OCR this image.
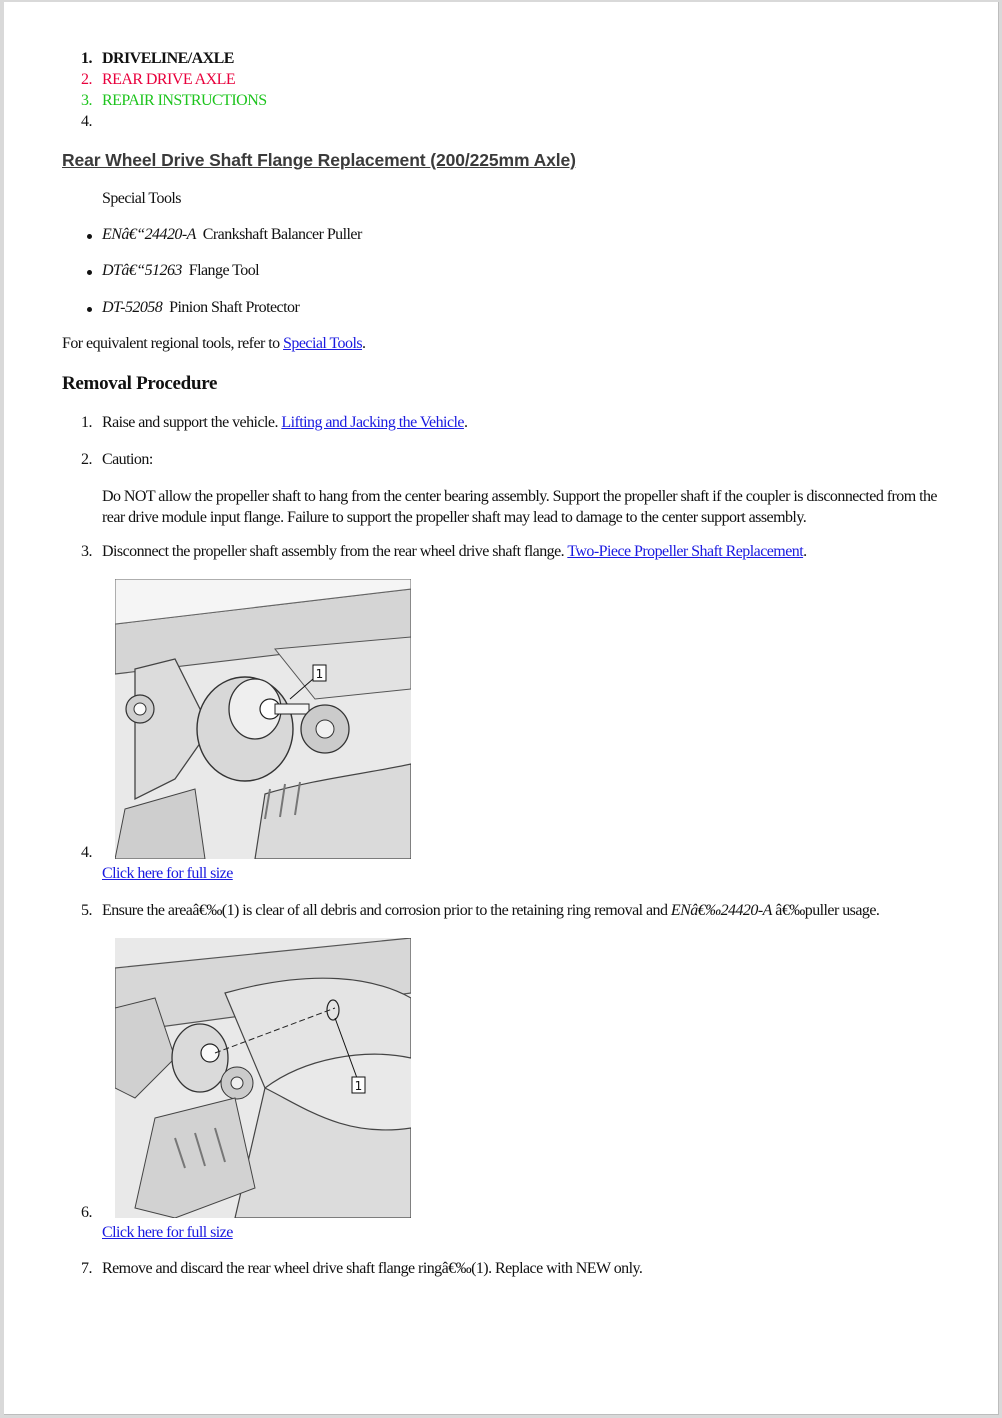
1. DRIVELINE/AXLE
2. REAR DRIVE AXLE
3. REPAIR INSTRUCTIONS
4.
Rear Wheel Drive Shaft Flange Replacement (200/225mm Axle)
Special Tools
ENâ€“24420-A Crankshaft Balancer Puller
DTâ€“51263 Flange Tool
DT-52058 Pinion Shaft Protector
For equivalent regional tools, refer to Special Tools.
Removal Procedure
1. Raise and support the vehicle. Lifting and Jacking the Vehicle.
2. Caution:
Do NOT allow the propeller shaft to hang from the center bearing assembly. Support the propeller shaft if the coupler is disconnected from the rear drive module input flange. Failure to support the propeller shaft may lead to damage to the center support assembly.
3. Disconnect the propeller shaft assembly from the rear wheel drive shaft flange. Two-Piece Propeller Shaft Replacement.
4.
1
Click here for full size
5. Ensure the areaâ€‰(1) is clear of all debris and corrosion prior to the retaining ring removal and ENâ€‰24420-A â€‰puller usage.
6.
1
Click here for full size
7. Remove and discard the rear wheel drive shaft flange ringâ€‰(1). Replace with NEW only.
